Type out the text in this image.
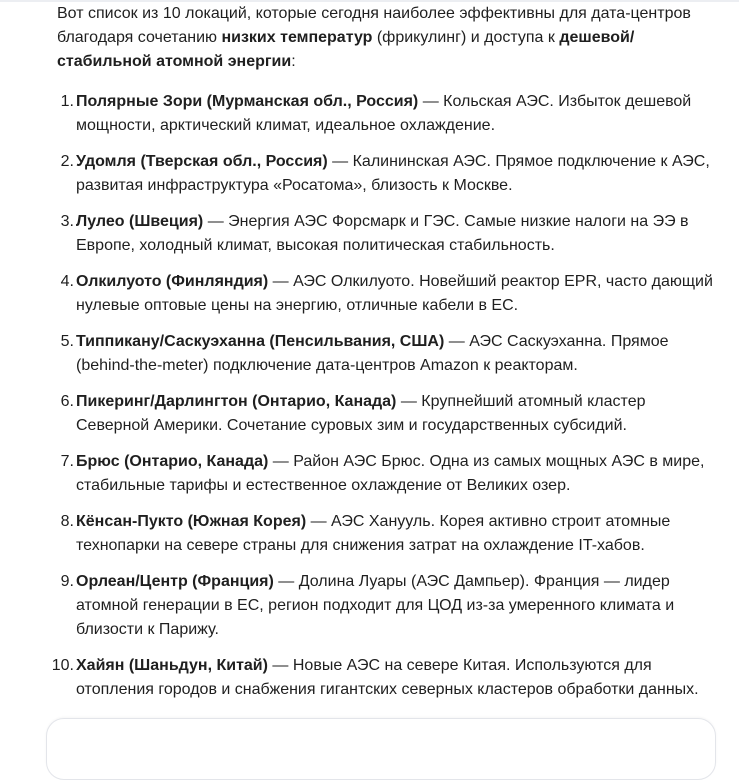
Вот список из 10 локаций, которые сегодня наиболее эффективны для дата-центров благодаря сочетанию низких температур (фрикулинг) и доступа к дешевой/ стабильной атомной энергии:

1. Полярные Зори (Мурманская обл., Россия) — Кольская АЭС. Избыток дешевой мощности, арктический климат, идеальное охлаждение.
2. Удомля (Тверская обл., Россия) — Калининская АЭС. Прямое подключение к АЭС, развитая инфраструктура «Росатома», близость к Москве.
3. Лулео (Швеция) — Энергия АЭС Форсмарк и ГЭС. Самые низкие налоги на ЭЭ в Европе, холодный климат, высокая политическая стабильность.
4. Олкилуото (Финляндия) — АЭС Олкилуото. Новейший реактор EPR, часто дающий нулевые оптовые цены на энергию, отличные кабели в ЕС.
5. Типпикану/Саскуэханна (Пенсильвания, США) — АЭС Саскуэханна. Прямое (behind-the-meter) подключение дата-центров Amazon к реакторам.
6. Пикеринг/Дарлингтон (Онтарио, Канада) — Крупнейший атомный кластер Северной Америки. Сочетание суровых зим и государственных субсидий.
7. Брюс (Онтарио, Канада) — Район АЭС Брюс. Одна из самых мощных АЭС в мире, стабильные тарифы и естественное охлаждение от Великих озер.
8. Кёнсан-Пукто (Южная Корея) — АЭС Ханууль. Корея активно строит атомные технопарки на севере страны для снижения затрат на охлаждение IT-хабов.
9. Орлеан/Центр (Франция) — Долина Луары (АЭС Дампьер). Франция — лидер атомной генерации в ЕС, регион подходит для ЦОД из-за умеренного климата и близости к Парижу.
10. Хайян (Шаньдун, Китай) — Новые АЭС на севере Китая. Используются для отопления городов и снабжения гигантских северных кластеров обработки данных.
